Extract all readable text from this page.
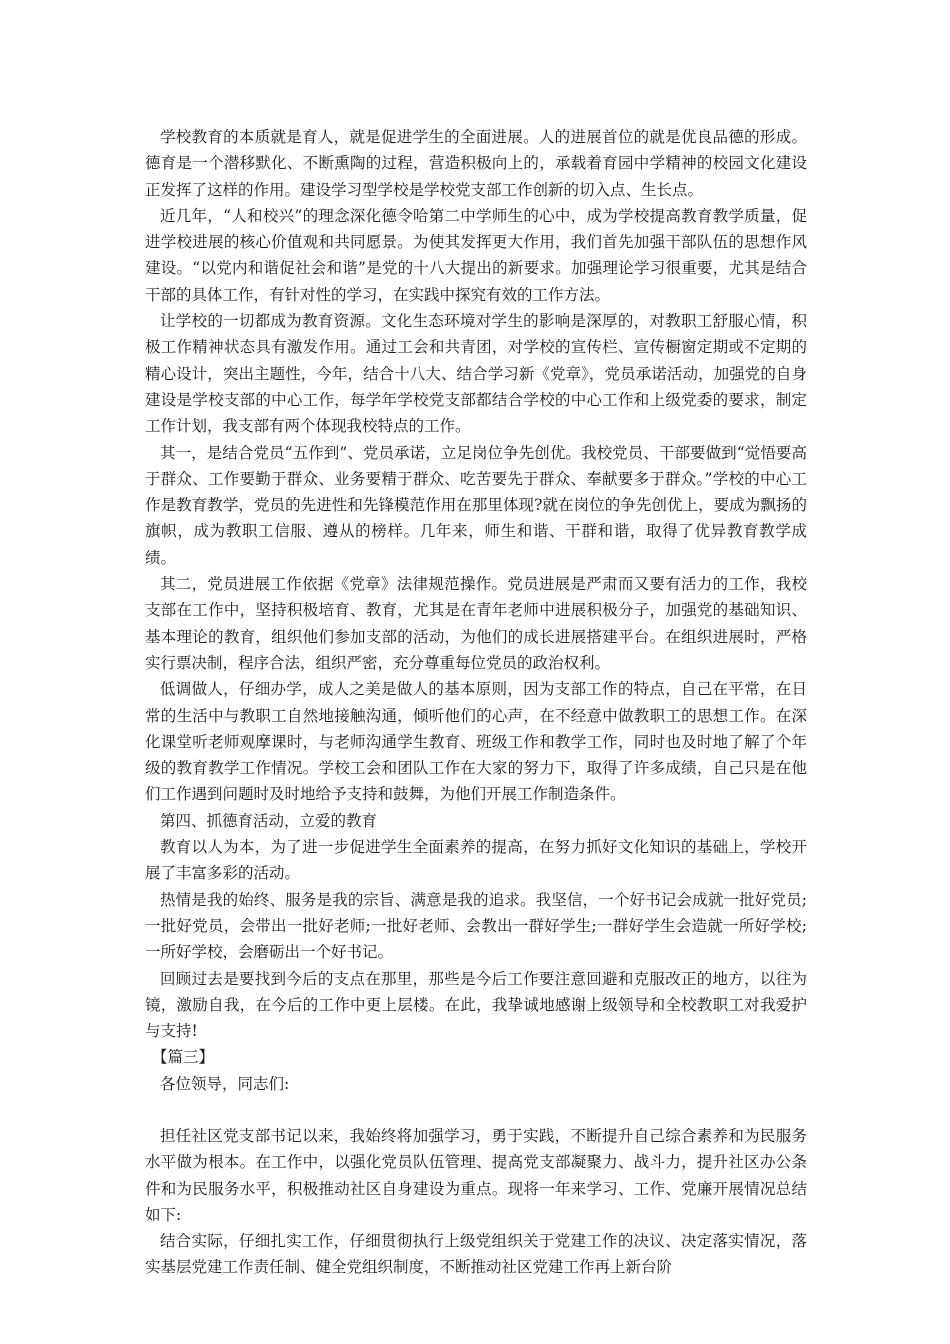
学校教育的本质就是育人，就是促进学生的全面进展。人的进展首位的就是优良品德的形成。德育是一个潜移默化、不断熏陶的过程，营造积极向上的，承载着育园中学精神的校园文化建设正发挥了这样的作用。建设学习型学校是学校党支部工作创新的切入点、生长点。

近几年，“人和校兴”的理念深化德令哈第二中学师生的心中，成为学校提高教育教学质量，促进学校进展的核心价值观和共同愿景。为使其发挥更大作用，我们首先加强干部队伍的思想作风建设。“以党内和谐促社会和谐”是党的十八大提出的新要求。加强理论学习很重要，尤其是结合干部的具体工作，有针对性的学习，在实践中探究有效的工作方法。

让学校的一切都成为教育资源。文化生态环境对学生的影响是深厚的，对教职工舒服心情，积极工作精神状态具有激发作用。通过工会和共青团，对学校的宣传栏、宣传橱窗定期或不定期的精心设计，突出主题性，今年，结合十八大、结合学习新《党章》，党员承诺活动，加强党的自身建设是学校支部的中心工作，每学年学校党支部都结合学校的中心工作和上级党委的要求，制定工作计划，我支部有两个体现我校特点的工作。

其一，是结合党员“五作到”、党员承诺，立足岗位争先创优。我校党员、干部要做到“觉悟要高于群众、工作要勤于群众、业务要精于群众、吃苦要先于群众、奉献要多于群众。”学校的中心工作是教育教学，党员的先进性和先锋模范作用在那里体现?就在岗位的争先创优上，要成为飘扬的旗帜，成为教职工信服、遵从的榜样。几年来，师生和谐、干群和谐，取得了优异教育教学成绩。

其二，党员进展工作依据《党章》法律规范操作。党员进展是严肃而又要有活力的工作，我校支部在工作中，坚持积极培育、教育，尤其是在青年老师中进展积极分子，加强党的基础知识、基本理论的教育，组织他们参加支部的活动，为他们的成长进展搭建平台。在组织进展时，严格实行票决制，程序合法，组织严密，充分尊重每位党员的政治权利。

低调做人，仔细办学，成人之美是做人的基本原则，因为支部工作的特点，自己在平常，在日常的生活中与教职工自然地接触沟通，倾听他们的心声，在不经意中做教职工的思想工作。在深化课堂听老师观摩课时，与老师沟通学生教育、班级工作和教学工作，同时也及时地了解了个年级的教育教学工作情况。学校工会和团队工作在大家的努力下，取得了许多成绩，自己只是在他们工作遇到问题时及时地给予支持和鼓舞，为他们开展工作制造条件。

第四、抓德育活动，立爱的教育

教育以人为本，为了进一步促进学生全面素养的提高，在努力抓好文化知识的基础上，学校开展了丰富多彩的活动。

热情是我的始终、服务是我的宗旨、满意是我的追求。我坚信，一个好书记会成就一批好党员;一批好党员，会带出一批好老师;一批好老师、会教出一群好学生;一群好学生会造就一所好学校;一所好学校，会磨砺出一个好书记。

回顾过去是要找到今后的支点在那里，那些是今后工作要注意回避和克服改正的地方，以往为镜，激励自我，在今后的工作中更上层楼。在此，我挚诚地感谢上级领导和全校教职工对我爱护与支持!

【篇三】

各位领导，同志们:

担任社区党支部书记以来，我始终将加强学习，勇于实践，不断提升自己综合素养和为民服务水平做为根本。在工作中，以强化党员队伍管理、提高党支部凝聚力、战斗力，提升社区办公条件和为民服务水平，积极推动社区自身建设为重点。现将一年来学习、工作、党廉开展情况总结如下:

结合实际，仔细扎实工作，仔细贯彻执行上级党组织关于党建工作的决议、决定落实情况，落实基层党建工作责任制、健全党组织制度，不断推动社区党建工作再上新台阶
